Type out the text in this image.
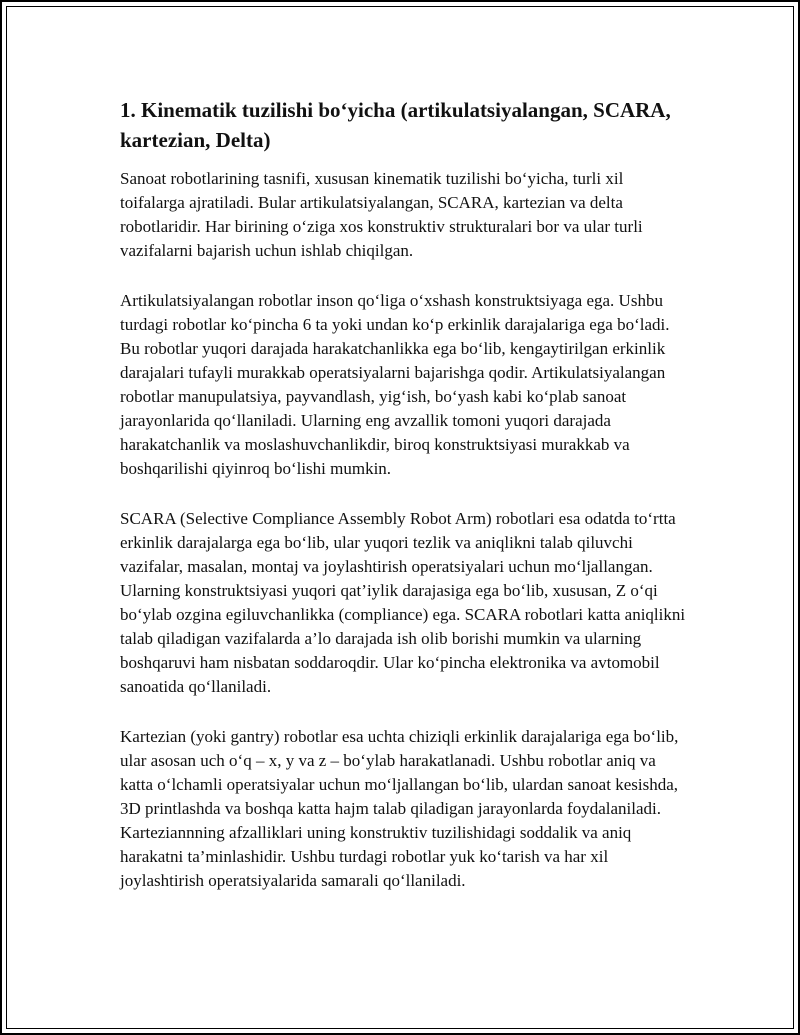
1. Kinematik tuzilishi bo‘yicha (artikulatsiyalangan, SCARA, kartezian, Delta)

Sanoat robotlarining tasnifi, xususan kinematik tuzilishi bo‘yicha, turli xil toifalarga ajratiladi. Bular artikulatsiyalangan, SCARA, kartezian va delta robotlaridir. Har birining o‘ziga xos konstruktiv strukturalari bor va ular turli vazifalarni bajarish uchun ishlab chiqilgan.

Artikulatsiyalangan robotlar inson qo‘liga o‘xshash konstruktsiyaga ega. Ushbu turdagi robotlar ko‘pincha 6 ta yoki undan ko‘p erkinlik darajalariga ega bo‘ladi. Bu robotlar yuqori darajada harakatchanlikka ega bo‘lib, kengaytirilgan erkinlik darajalari tufayli murakkab operatsiyalarni bajarishga qodir. Artikulatsiyalangan robotlar manupulatsiya, payvandlash, yig‘ish, bo‘yash kabi ko‘plab sanoat jarayonlarida qo‘llaniladi. Ularning eng avzallik tomoni yuqori darajada harakatchanlik va moslashuvchanlikdir, biroq konstruktsiyasi murakkab va boshqarilishi qiyinroq bo‘lishi mumkin.

SCARA (Selective Compliance Assembly Robot Arm) robotlari esa odatda to‘rtta erkinlik darajalarga ega bo‘lib, ular yuqori tezlik va aniqlikni talab qiluvchi vazifalar, masalan, montaj va joylashtirish operatsiyalari uchun mo‘ljallangan. Ularning konstruktsiyasi yuqori qat’iylik darajasiga ega bo‘lib, xususan, Z o‘qi bo‘ylab ozgina egiluvchanlikka (compliance) ega. SCARA robotlari katta aniqlikni talab qiladigan vazifalarda a’lo darajada ish olib borishi mumkin va ularning boshqaruvi ham nisbatan soddaroqdir. Ular ko‘pincha elektronika va avtomobil sanoatida qo‘llaniladi.

Kartezian (yoki gantry) robotlar esa uchta chiziqli erkinlik darajalariga ega bo‘lib, ular asosan uch o‘q – x, y va z – bo‘ylab harakatlanadi. Ushbu robotlar aniq va katta o‘lchamli operatsiyalar uchun mo‘ljallangan bo‘lib, ulardan sanoat kesishda, 3D printlashda va boshqa katta hajm talab qiladigan jarayonlarda foydalaniladi. Karteziannning afzalliklari uning konstruktiv tuzilishidagi soddalik va aniq harakatni ta’minlashidir. Ushbu turdagi robotlar yuk ko‘tarish va har xil joylashtirish operatsiyalarida samarali qo‘llaniladi.
